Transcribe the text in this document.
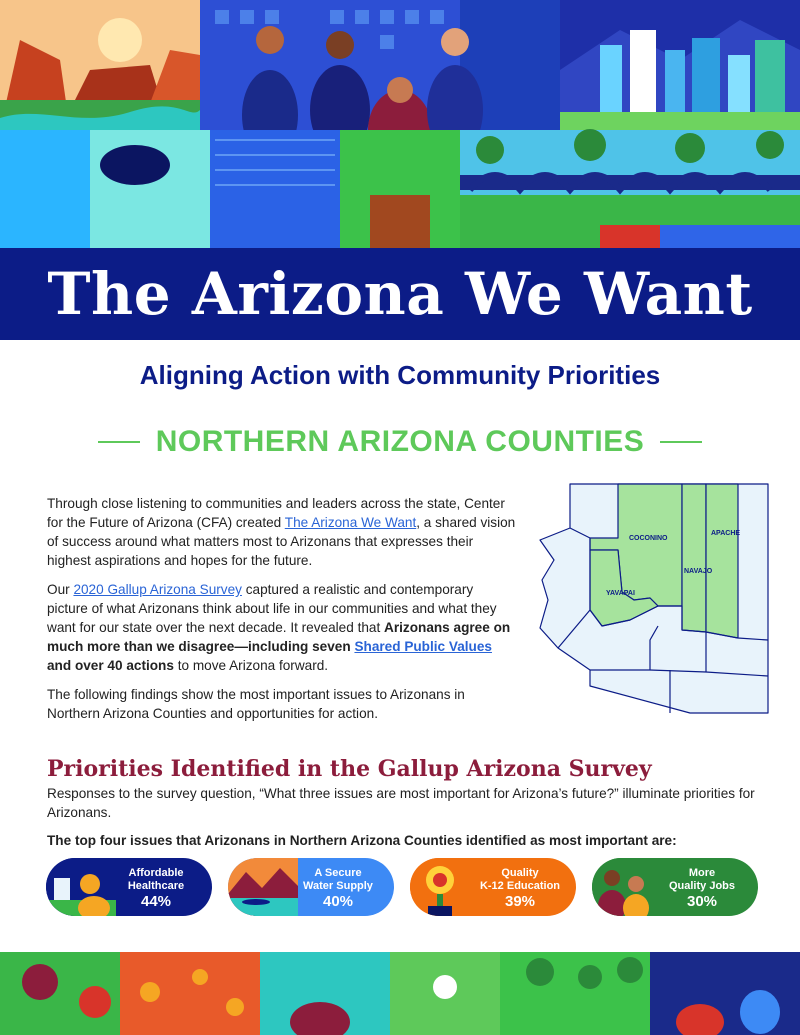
The Arizona We Want
Aligning Action with Community Priorities
NORTHERN ARIZONA COUNTIES

Through close listening to communities and leaders across the state, Center for the Future of Arizona (CFA) created The Arizona We Want, a shared vision of success around what matters most to Arizonans that expresses their highest aspirations and hopes for the future.

Our 2020 Gallup Arizona Survey captured a realistic and contemporary picture of what Arizonans think about life in our communities and what they want for our state over the next decade. It revealed that Arizonans agree on much more than we disagree—including seven Shared Public Values and over 40 actions to move Arizona forward.

The following findings show the most important issues to Arizonans in Northern Arizona Counties and opportunities for action.

COCONINO
APACHE
NAVAJO
YAVAPAI
Priorities Identified in the Gallup Arizona Survey

Responses to the survey question, “What three issues are most important for Arizona’s future?” illuminate priorities for Arizonans.

The top four issues that Arizonans in Northern Arizona Counties identified as most important are:

Affordable
Healthcare
44%
A Secure
Water Supply
40%
Quality
K-12 Education
39%
More
Quality Jobs
30%
